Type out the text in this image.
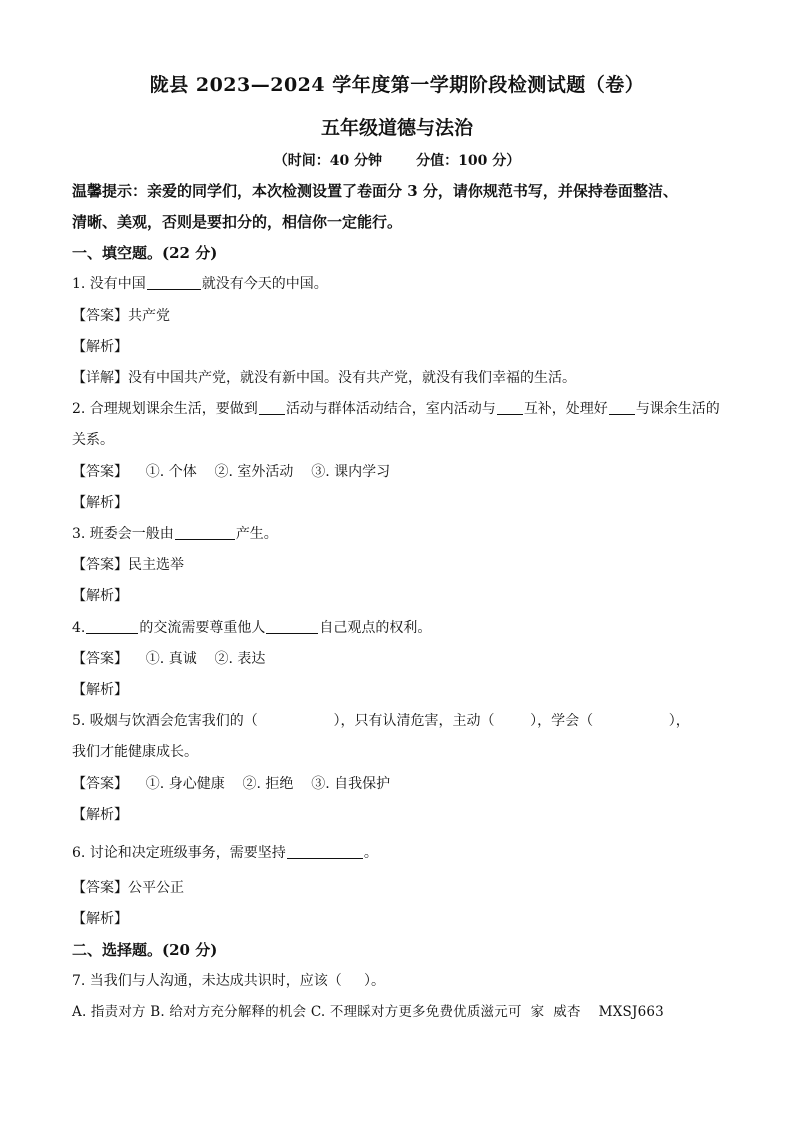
陇县 2023—2024 学年度第一学期阶段检测试题（卷）
五年级道德与法治
（时间：40 分钟       分值：100 分）
温馨提示：亲爱的同学们，本次检测设置了卷面分 3 分，请你规范书写，并保持卷面整洁、
清晰、美观，否则是要扣分的，相信你一定能行。
一、填空题。(22 分)
1. 没有中国	就没有今天的中国。
【答案】共产党
【解析】
【详解】没有中国共产党，就没有新中国。没有共产党，就没有我们幸福的生活。
2. 合理规划课余生活，要做到 活动与群体活动结合，室内活动与 互补，处理好 与课余生活的
关系。
【答案】    ①. 个体    ②. 室外活动    ③. 课内学习
【解析】
3. 班委会一般由	产生。
【答案】民主选举
【解析】
4.	的交流需要尊重他人	自己观点的权利。
【答案】    ①. 真诚    ②. 表达
【解析】
5. 吸烟与饮酒会危害我们的（	），只有认清危害，主动（	），学会（	），
我们才能健康成长。
【答案】    ①. 身心健康    ②. 拒绝    ③. 自我保护
【解析】
6. 讨论和决定班级事务，需要坚持	。
【答案】公平公正
【解析】
二、选择题。(20 分)
7. 当我们与人沟通，未达成共识时，应该（     ）。
A. 指责对方 B. 给对方充分解释的机会 C. 不理睬对方更多免费优质滋元可  家  威杏    MXSJ663
